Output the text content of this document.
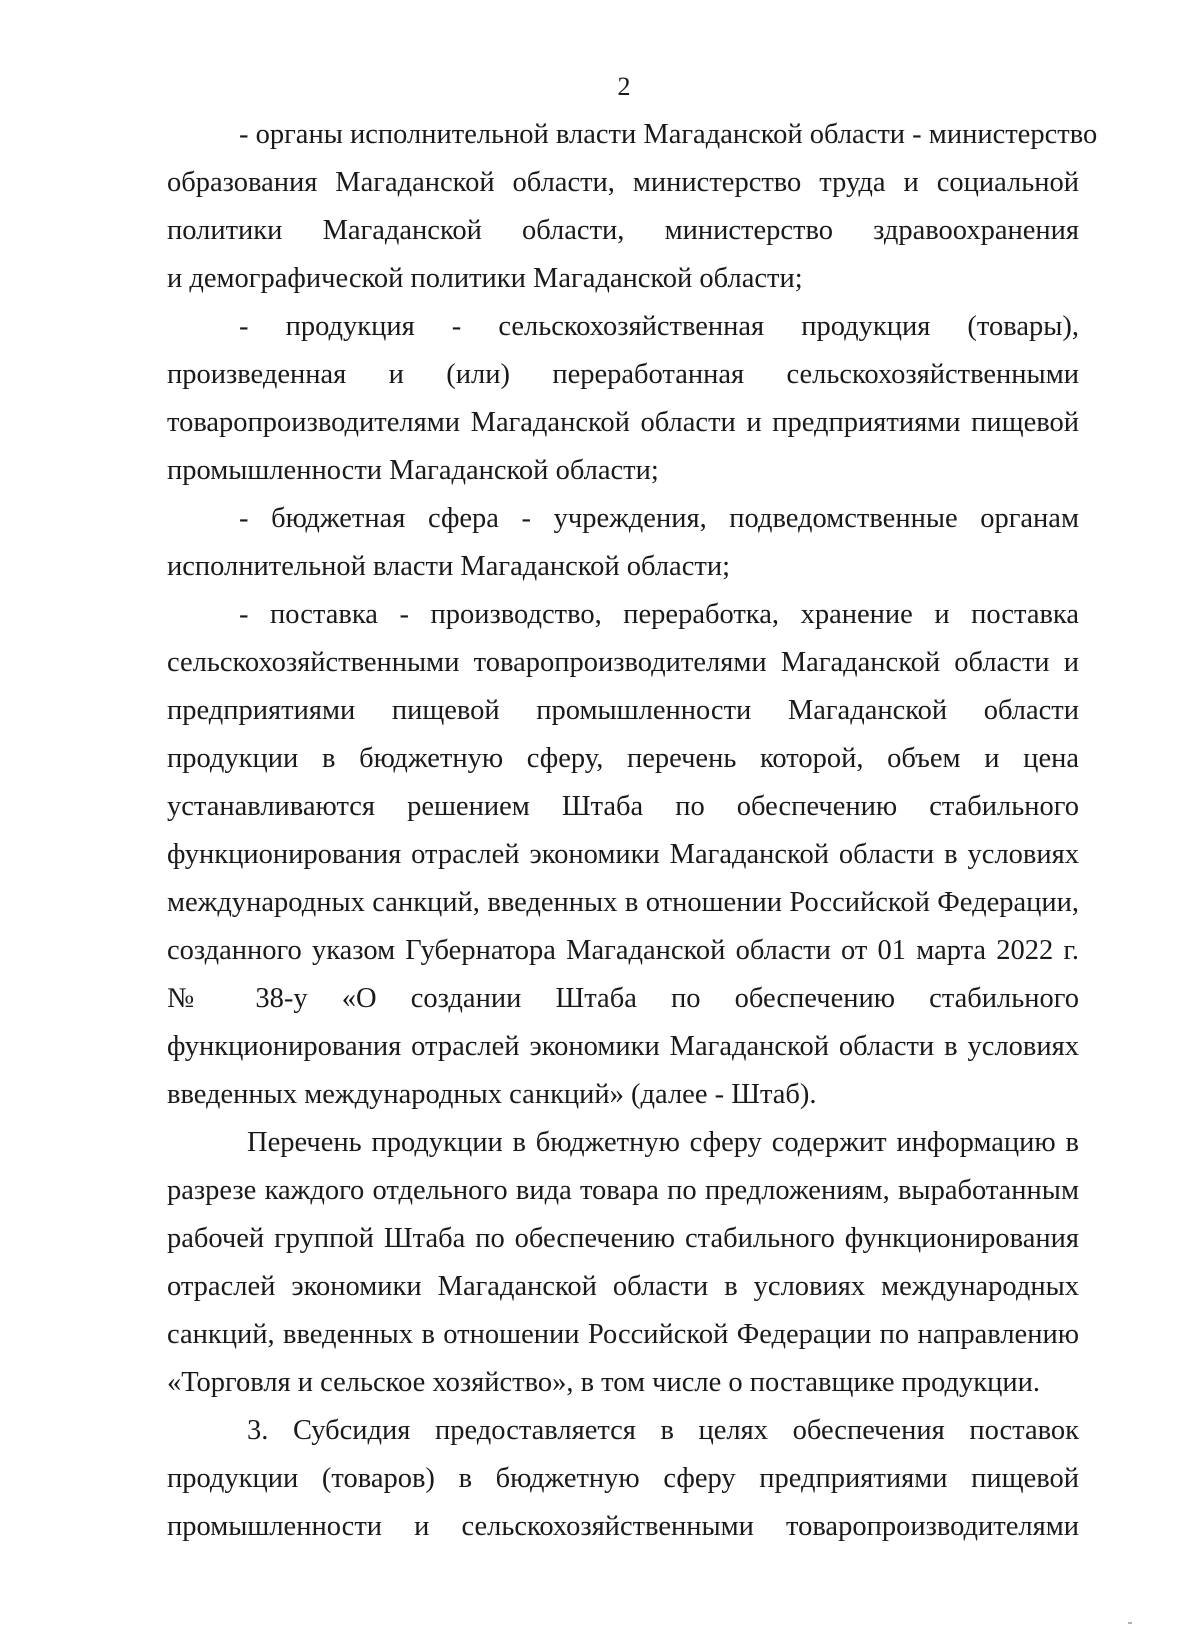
2
- органы исполнительной власти Магаданской области - министерство
образования Магаданской области, министерство труда и социальной
политики Магаданской области, министерство здравоохранения
и демографической политики Магаданской области;
- продукция - сельскохозяйственная продукция (товары),
произведенная и (или) переработанная сельскохозяйственными
товаропроизводителями Магаданской области и предприятиями пищевой
промышленности Магаданской области;
- бюджетная сфера - учреждения, подведомственные органам
исполнительной власти Магаданской области;
- поставка - производство, переработка, хранение и поставка
сельскохозяйственными товаропроизводителями Магаданской области и
предприятиями пищевой промышленности Магаданской области
продукции в бюджетную сферу, перечень которой, объем и цена
устанавливаются решением Штаба по обеспечению стабильного
функционирования отраслей экономики Магаданской области в условиях
международных санкций, введенных в отношении Российской Федерации,
созданного указом Губернатора Магаданской области от 01 марта 2022 г.
№ 38-у «О создании Штаба по обеспечению стабильного
функционирования отраслей экономики Магаданской области в условиях
введенных международных санкций» (далее - Штаб).
Перечень продукции в бюджетную сферу содержит информацию в
разрезе каждого отдельного вида товара по предложениям, выработанным
рабочей группой Штаба по обеспечению стабильного функционирования
отраслей экономики Магаданской области в условиях международных
санкций, введенных в отношении Российской Федерации по направлению
«Торговля и сельское хозяйство», в том числе о поставщике продукции.
3. Субсидия предоставляется в целях обеспечения поставок
продукции (товаров) в бюджетную сферу предприятиями пищевой
промышленности и сельскохозяйственными товаропроизводителями
